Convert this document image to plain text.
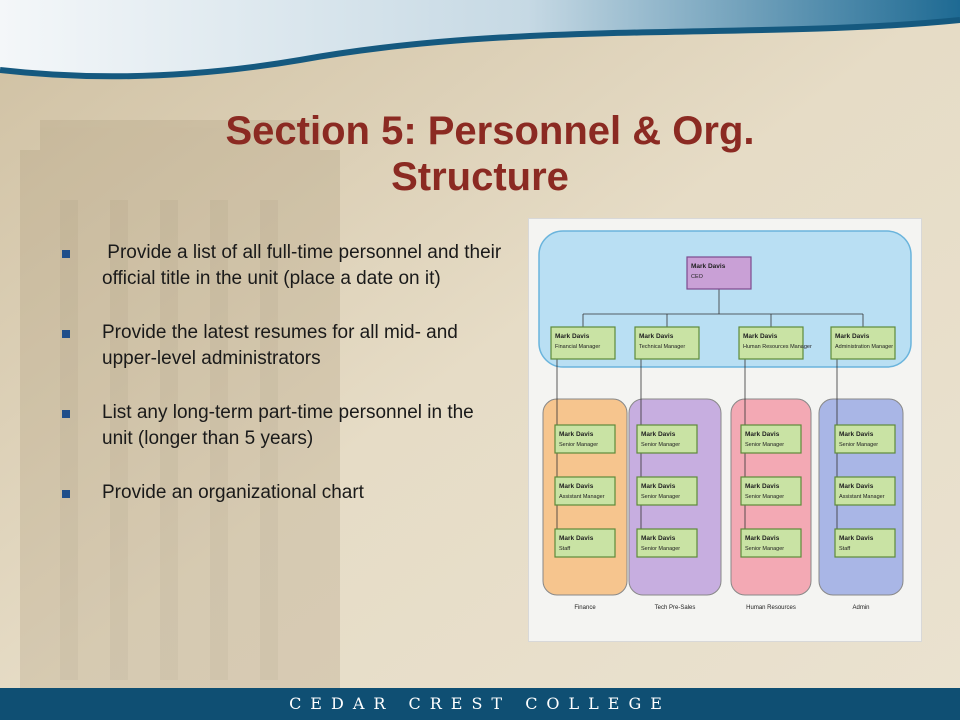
Section 5: Personnel & Org.
Structure
Provide a list of all full-time personnel and their official title in the unit (place a date on it)
Provide the latest resumes for all mid- and upper-level administrators
List any long-term part-time personnel in the unit (longer than 5 years)
Provide an organizational chart
Finance	Tech Pre-Sales	Human Resources	Admin
Mark Davis
CEO
Mark Davis
Financial Manager
Mark Davis
Technical Manager
Mark Davis
Human Resources Manager
Mark Davis
Administration Manager
Mark Davis
Senior Manager
Mark Davis
Assistant Manager
Mark Davis
Staff
Mark Davis
Senior Manager
Mark Davis
Senior Manager
Mark Davis
Senior Manager
Mark Davis
Senior Manager
Mark Davis
Senior Manager
Mark Davis
Senior Manager
Mark Davis
Senior Manager
Mark Davis
Assistant Manager
Mark Davis
Staff
CEDAR CREST COLLEGE
